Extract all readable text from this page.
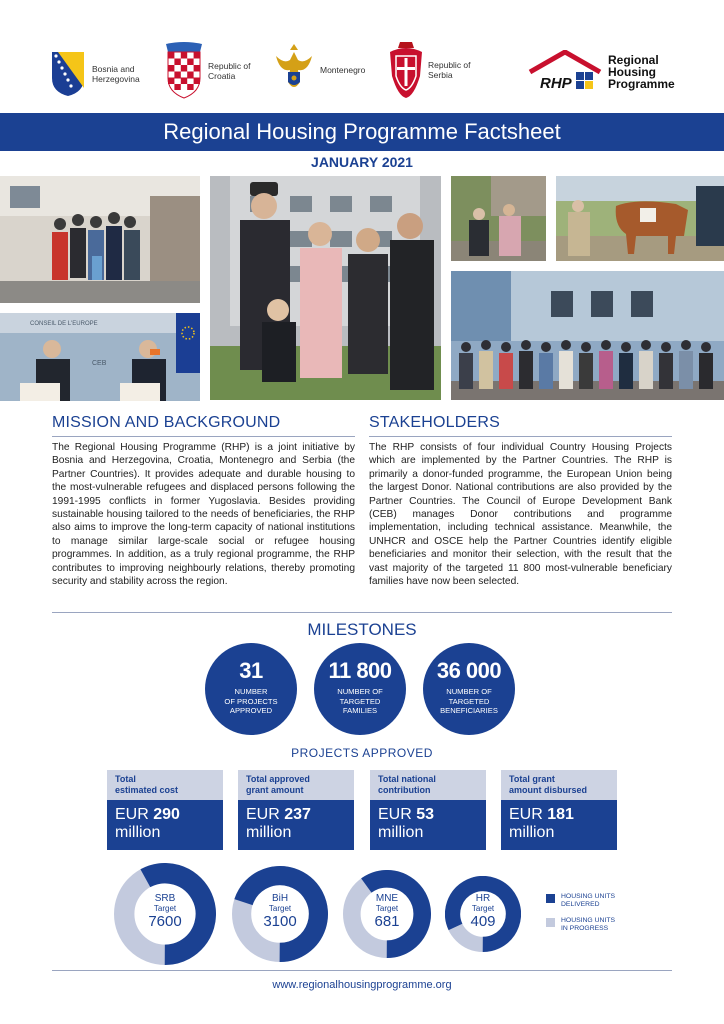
Bosnia and
Herzegovina
Republic of
Croatia
Montenegro	Republic of
Serbia	RHP
Regional
Housing
Programme
Regional Housing Programme Factsheet
JANUARY 2021
CONSEIL DE L'EUROPE
CEB
MISSION AND BACKGROUND

The Regional Housing Programme (RHP) is a joint initiative by Bosnia and Herzegovina, Croatia, Montenegro and Serbia (the Partner Countries). It provides adequate and durable housing to the most-vulnerable refugees and displaced persons following the 1991-1995 conflicts in former Yugoslavia. Besides providing sustainable housing tailored to the needs of beneficiaries, the RHP also aims to improve the long-term capacity of national institutions to manage similar large-scale social or refugee housing programmes. In addition, as a truly regional programme, the RHP contributes to improving neighbourly relations, thereby promoting security and stability across the region.

STAKEHOLDERS

The RHP consists of four individual Country Housing Projects which are implemented by the Partner Countries. The RHP is primarily a donor-funded programme, the European Union being the largest Donor. National contributions are also provided by the Partner Countries. The Council of Europe Development Bank (CEB) manages Donor contributions and programme implementation, including technical assistance. Meanwhile, the UNHCR and OSCE help the Partner Countries identify eligible beneficiaries and monitor their selection, with the result that the vast majority of the targeted 11 800 most-vulnerable beneficiary families have now been selected.

MILESTONES
31
NUMBER
OF PROJECTS
APPROVED
11 800
NUMBER OF
TARGETED
FAMILIES
36 000
NUMBER OF
TARGETED
BENEFICIARIES
PROJECTS APPROVED
Total
estimated cost
EUR 290
million
Total approved
grant amount
EUR 237
million
Total national
contribution
EUR 53
million
Total grant
amount disbursed
EUR 181
million
SRB
Target
7600
BiH
Target
3100
MNE
Target
681
HR
Target
409
HOUSING UNITS
DELIVERED
HOUSING UNITS
IN PROGRESS
www.regionalhousingprogramme.org
